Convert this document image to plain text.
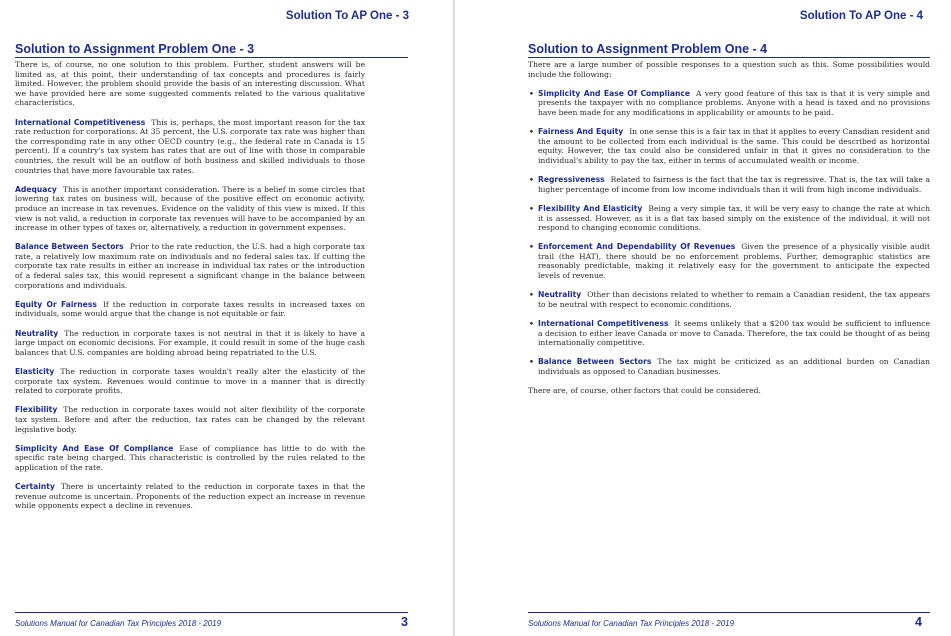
Solution To AP One - 3
Solution to Assignment Problem One - 3

There is, of course, no one solution to this problem. Further, student answers will be limited as, at this point, their understanding of tax concepts and procedures is fairly limited. However, the problem should provide the basis of an interesting discussion. What we have provided here are some suggested comments related to the various qualitative characteristics.

International Competitiveness This is, perhaps, the most important reason for the tax rate reduction for corporations. At 35 percent, the U.S. corporate tax rate was higher than the corresponding rate in any other OECD country (e.g., the federal rate in Canada is 15 percent). If a country's tax system has rates that are out of line with those in comparable countries, the result will be an outflow of both business and skilled individuals to those countries that have more favourable tax rates.

Adequacy This is another important consideration. There is a belief in some circles that lowering tax rates on business will, because of the positive effect on economic activity, produce an increase in tax revenues. Evidence on the validity of this view is mixed. If this view is not valid, a reduction in corporate tax revenues will have to be accompanied by an increase in other types of taxes or, alternatively, a reduction in government expenses.

Balance Between Sectors Prior to the rate reduction, the U.S. had a high corporate tax rate, a relatively low maximum rate on individuals and no federal sales tax. If cutting the corporate tax rate results in either an increase in individual tax rates or the introduction of a federal sales tax, this would represent a significant change in the balance between corporations and individuals.

Equity Or Fairness If the reduction in corporate taxes results in increased taxes on individuals, some would argue that the change is not equitable or fair.

Neutrality The reduction in corporate taxes is not neutral in that it is likely to have a large impact on economic decisions. For example, it could result in some of the huge cash balances that U.S. companies are holding abroad being repatriated to the U.S.

Elasticity The reduction in corporate taxes wouldn't really alter the elasticity of the corporate tax system. Revenues would continue to move in a manner that is directly related to corporate profits.

Flexibility The reduction in corporate taxes would not alter flexibility of the corporate tax system. Before and after the reduction, tax rates can be changed by the relevant legislative body.

Simplicity And Ease Of Compliance Ease of compliance has little to do with the specific rate being charged. This characteristic is controlled by the rules related to the application of the rate.

Certainty There is uncertainty related to the reduction in corporate taxes in that the revenue outcome is uncertain. Proponents of the reduction expect an increase in revenue while opponents expect a decline in revenues.

Solutions Manual for Canadian Tax Principles 2018 - 2019	3
Solution To AP One - 4
Solution to Assignment Problem One - 4

There are a large number of possible responses to a question such as this. Some possibilities would include the following:

• Simplicity And Ease Of Compliance A very good feature of this tax is that it is very simple and presents the taxpayer with no compliance problems. Anyone with a head is taxed and no provisions have been made for any modifications in applicability or amounts to be paid.
• Fairness And Equity In one sense this is a fair tax in that it applies to every Canadian resident and the amount to be collected from each individual is the same. This could be described as horizontal equity. However, the tax could also be considered unfair in that it gives no consideration to the individual's ability to pay the tax, either in terms of accumulated wealth or income.
• Regressiveness Related to fairness is the fact that the tax is regressive. That is, the tax will take a higher percentage of income from low income individuals than it will from high income individuals.
• Flexibility And Elasticity Being a very simple tax, it will be very easy to change the rate at which it is assessed. However, as it is a flat tax based simply on the existence of the individual, it will not respond to changing economic conditions.
• Enforcement And Dependability Of Revenues Given the presence of a physically visible audit trail (the HAT), there should be no enforcement problems. Further, demographic statistics are reasonably predictable, making it relatively easy for the government to anticipate the expected levels of revenue.
• Neutrality Other than decisions related to whether to remain a Canadian resident, the tax appears to be neutral with respect to economic conditions.
• International Competitiveness It seems unlikely that a $200 tax would be sufficient to influence a decision to either leave Canada or move to Canada. Therefore, the tax could be thought of as being internationally competitive.
• Balance Between Sectors The tax might be criticized as an additional burden on Canadian individuals as opposed to Canadian businesses.

There are, of course, other factors that could be considered.

Solutions Manual for Canadian Tax Principles 2018 - 2019	4
